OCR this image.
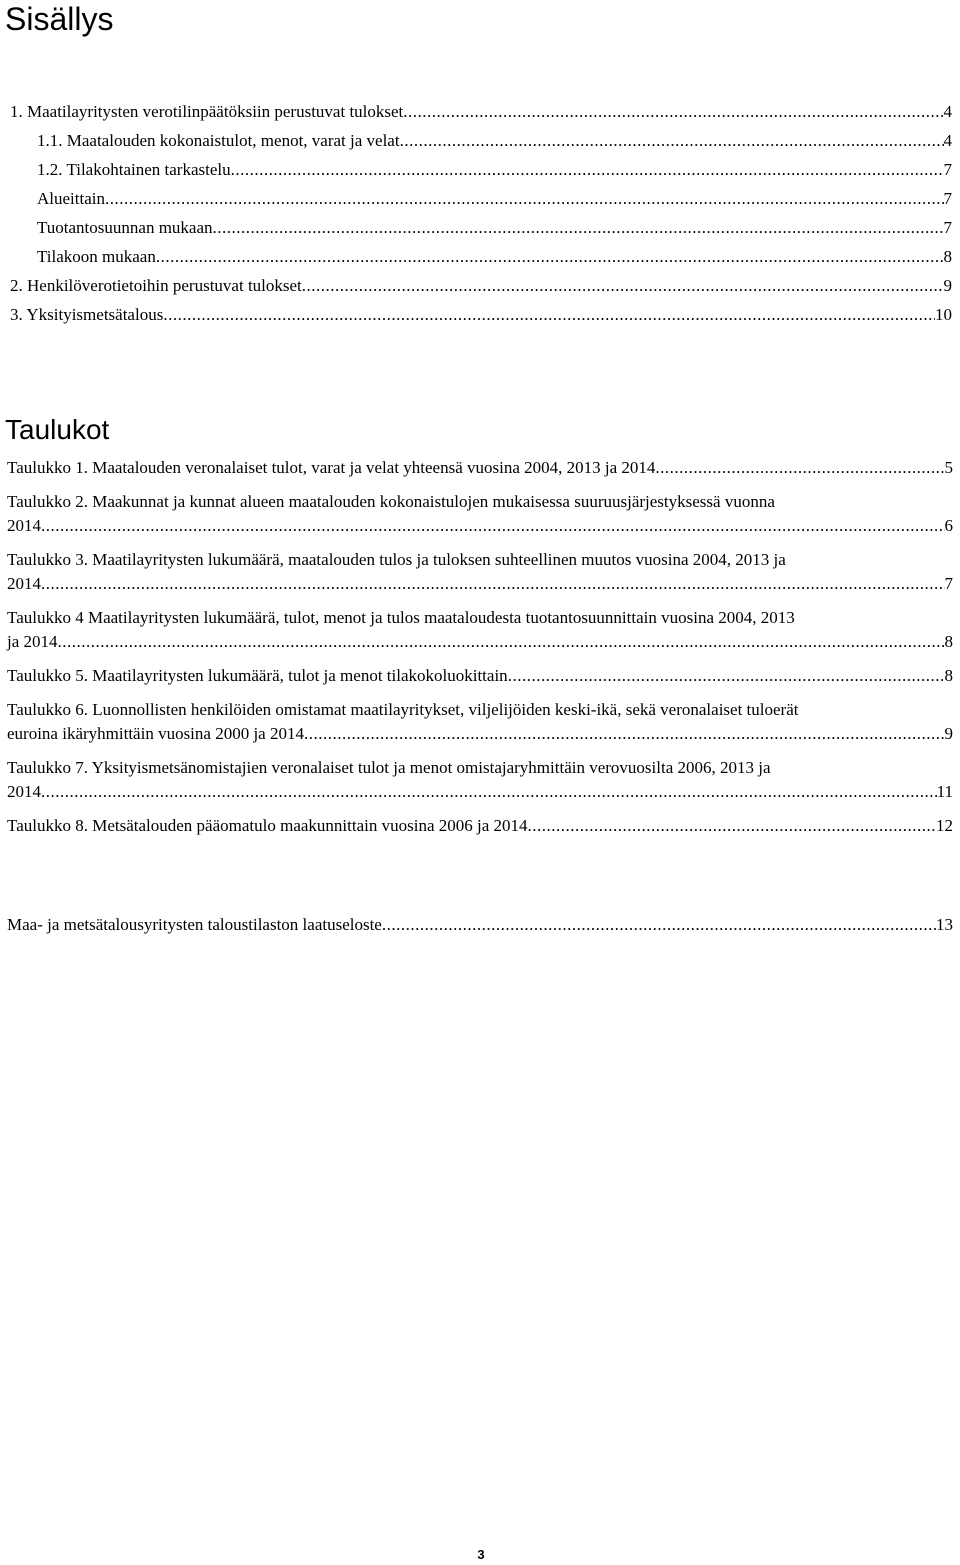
Sisällys
1. Maatilayritysten verotilinpäätöksiin perustuvat tulokset .....	4
1.1. Maatalouden kokonaistulot, menot, varat ja velat .....	4
1.2. Tilakohtainen tarkastelu .....	7
Alueittain .....	7
Tuotantosuunnan mukaan .....	7
Tilakoon mukaan .....	8
2. Henkilöverotietoihin perustuvat tulokset .....	9
3. Yksityismetsätalous .....	10
Taulukot
Taulukko 1. Maatalouden veronalaiset tulot, varat ja velat yhteensä vuosina 2004, 2013 ja 2014 .....	5
Taulukko 2. Maakunnat ja kunnat alueen maatalouden kokonaistulojen mukaisessa suuruusjärjestyksessä vuonna
2014 .....	6
Taulukko 3. Maatilayritysten lukumäärä, maatalouden tulos ja tuloksen suhteellinen muutos vuosina 2004, 2013 ja
2014 .....	7
Taulukko 4 Maatilayritysten lukumäärä, tulot, menot ja tulos maataloudesta tuotantosuunnittain vuosina 2004, 2013
ja 2014 .....	8
Taulukko 5. Maatilayritysten lukumäärä, tulot ja menot tilakokoluokittain .....	8
Taulukko 6. Luonnollisten henkilöiden omistamat maatilayritykset, viljelijöiden keski-ikä, sekä veronalaiset tuloerät
euroina ikäryhmittäin vuosina 2000 ja 2014 .....	9
Taulukko 7. Yksityismetsänomistajien veronalaiset tulot ja menot omistajaryhmittäin verovuosilta 2006, 2013 ja
2014 .....	11
Taulukko 8. Metsätalouden pääomatulo maakunnittain vuosina 2006 ja 2014 .....	12
Maa- ja metsätalousyritysten taloustilaston laatuseloste .....	13
3
